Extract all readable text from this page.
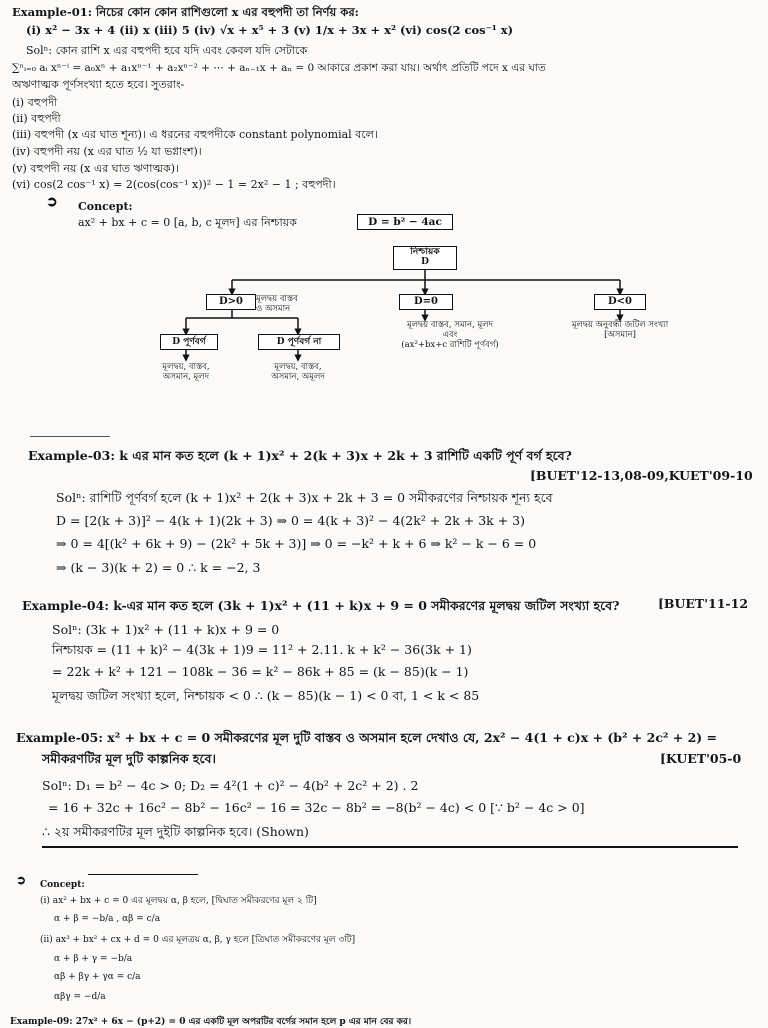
Example-01: নিচের কোন কোন রাশিগুলো x এর বহুপদী তা নির্ণয় কর:
(i) x² − 3x + 4 (ii) x (iii) 5 (iv) √x + x⁵ + 3 (v) 1/x + 3x + x² (vi) cos(2 cos⁻¹ x)
Solⁿ: কোন রাশি x এর বহুপদী হবে যদি এবং কেবল যদি সেটাকে
∑ⁿᵢ₌₀ aᵢ xⁿ⁻ⁱ = a₀xⁿ + a₁xⁿ⁻¹ + a₂xⁿ⁻² + ⋯ + aₙ₋₁x + aₙ = 0 আকারে প্রকাশ করা যায়। অর্থাৎ প্রতিটি পদে x এর ঘাত
অঋণাত্মক পূর্ণসংখ্যা হতে হবে। সুতরাং-
(i) বহুপদী
(ii) বহুপদী
(iii) বহুপদী (x এর ঘাত শূন্য)। এ ধরনের বহুপদীকে constant polynomial বলে।
(iv) বহুপদী নয় (x এর ঘাত ½ যা ভগ্নাংশ)।
(v) বহুপদী নয় (x এর ঘাত ঋণাত্মক)।
(vi) cos(2 cos⁻¹ x) = 2(cos(cos⁻¹ x))² − 1 = 2x² − 1 ; বহুপদী।
➲ Concept:
ax² + bx + c = 0 [a, b, c মূলদ] এর নিশ্চায়ক	D = b² − 4ac
নিশ্চায়ক
D
D>0	মূলদ্বয় বাস্তব
ও অসমান
D=0
মূলদ্বয় বাস্তব, সমান, মূলদ
এবং
(ax²+bx+c রাশিটি পূর্ণবর্গ)
D<0
মূলদ্বয় অনুবন্ধী জটিল সংখ্যা
[অসমান]
D পূর্ণবর্গ
মূলদ্বয়, বাস্তব,
অসমান, মূলদ
D পূর্ণবর্গ না
মূলদ্বয়, বাস্তব,
অসমান, অমূলদ
Example-03: k এর মান কত হলে (k + 1)x² + 2(k + 3)x + 2k + 3 রাশিটি একটি পূর্ণ বর্গ হবে?
[BUET'12-13,08-09,KUET'09-10
Solⁿ: রাশিটি পূর্ণবর্গ হলে (k + 1)x² + 2(k + 3)x + 2k + 3 = 0 সমীকরণের নিশ্চায়ক শূন্য হবে
D = [2(k + 3)]² − 4(k + 1)(2k + 3) ⇒ 0 = 4(k + 3)² − 4(2k² + 2k + 3k + 3)
⇒ 0 = 4[(k² + 6k + 9) − (2k² + 5k + 3)] ⇒ 0 = −k² + k + 6 ⇒ k² − k − 6 = 0
⇒ (k − 3)(k + 2) = 0 ∴ k = −2, 3
Example-04: k-এর মান কত হলে (3k + 1)x² + (11 + k)x + 9 = 0 সমীকরণের মূলদ্বয় জটিল সংখ্যা হবে?	[BUET'11-12
Solⁿ: (3k + 1)x² + (11 + k)x + 9 = 0
নিশ্চায়ক = (11 + k)² − 4(3k + 1)9 = 11² + 2.11. k + k² − 36(3k + 1)
= 22k + k² + 121 − 108k − 36 = k² − 86k + 85 = (k − 85)(k − 1)
মূলদ্বয় জটিল সংখ্যা হলে, নিশ্চায়ক < 0 ∴ (k − 85)(k − 1) < 0 বা, 1 < k < 85
Example-05: x² + bx + c = 0 সমীকরণের মূল দুটি বাস্তব ও অসমান হলে দেখাও যে, 2x² − 4(1 + c)x + (b² + 2c² + 2) =
সমীকরণটির মূল দুটি কাল্পনিক হবে।	[KUET'05-0
Solⁿ: D₁ = b² − 4c > 0; D₂ = 4²(1 + c)² − 4(b² + 2c² + 2) . 2
= 16 + 32c + 16c² − 8b² − 16c² − 16 = 32c − 8b² = −8(b² − 4c) < 0 [∵ b² − 4c > 0]
∴ ২য় সমীকরণটির মূল দুইটি কাল্পনিক হবে। (Shown)
➲ Concept:
(i) ax² + bx + c = 0 এর মূলদ্বয় α, β হলে, [দ্বিঘাত সমীকরণের মূল ২ টি]
α + β = −b/a , αβ = c/a
(ii) ax³ + bx² + cx + d = 0 এর মূলত্রয় α, β, γ হলে [ত্রিঘাত সমীকরণের মূল ৩টি]
α + β + γ = −b/a
αβ + βγ + γα = c/a
αβγ = −d/a
Example-09: 27x² + 6x − (p+2) = 0 এর একটি মূল অপরটির বর্গের সমান হলে p এর মান বের কর।
